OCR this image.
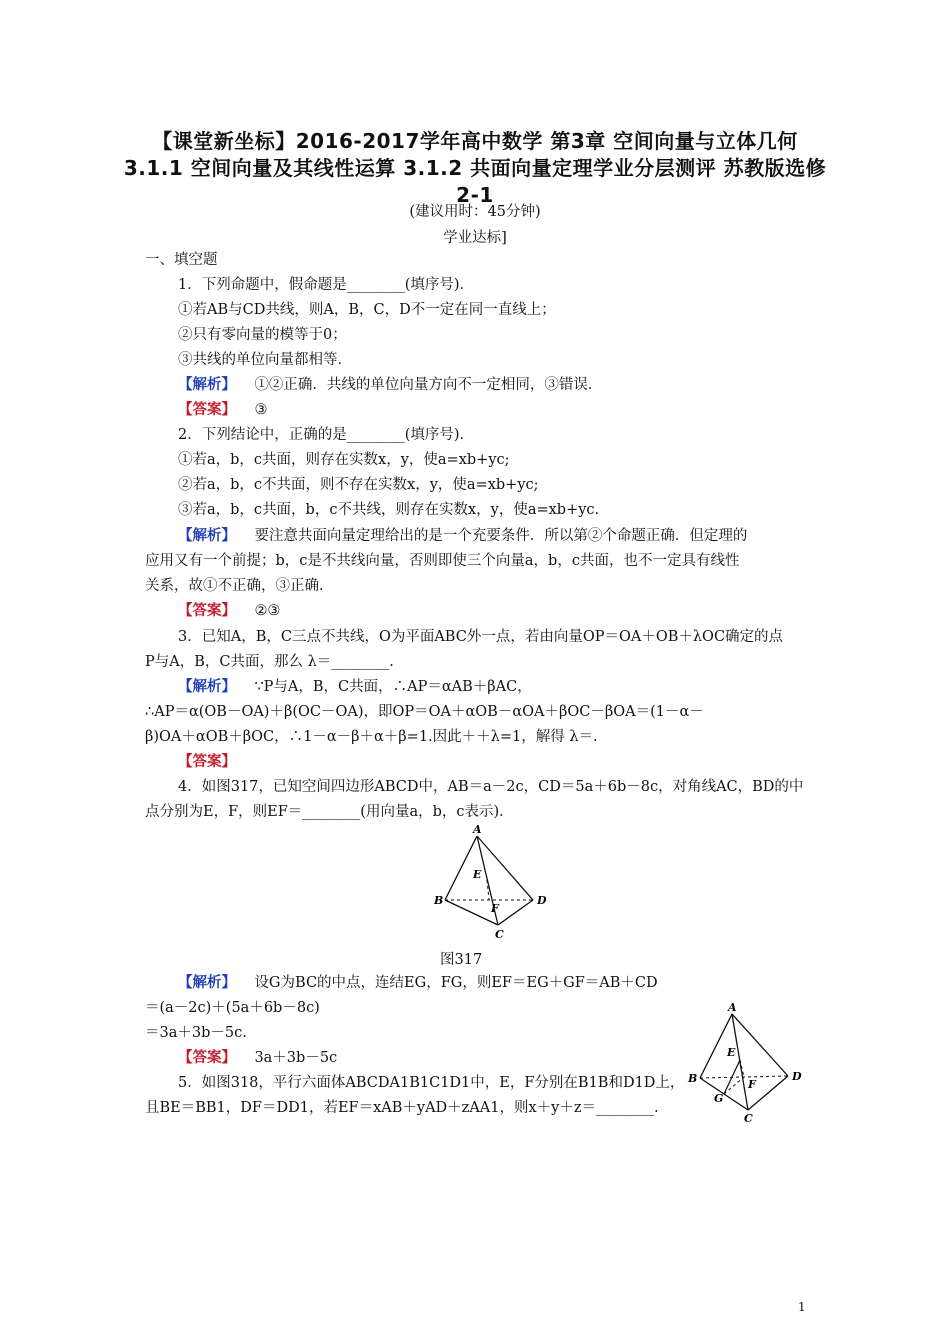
【课堂新坐标】2016-2017学年高中数学 第3章 空间向量与立体几何 3.1.1 空间向量及其线性运算 3.1.2 共面向量定理学业分层测评 苏教版选修2-1
(建议用时：45分钟)
学业达标]
一、填空题
1．下列命题中，假命题是________(填序号)．
①若AB与CD共线，则A，B，C，D不一定在同一直线上；
②只有零向量的模等于0；
③共线的单位向量都相等．
【解析】 ①②正确．共线的单位向量方向不一定相同，③错误．
【答案】 ③
2．下列结论中，正确的是________(填序号)．
①若a，b，c共面，则存在实数x，y，使a=xb+yc;
②若a，b，c不共面，则不存在实数x，y，使a=xb+yc;
③若a，b，c共面，b，c不共线，则存在实数x，y，使a=xb+yc.
【解析】 要注意共面向量定理给出的是一个充要条件．所以第②个命题正确．但定理的
应用又有一个前提；b，c是不共线向量，否则即使三个向量a，b，c共面，也不一定具有线性
关系，故①不正确，③正确．
【答案】 ②③
3．已知A，B，C三点不共线，O为平面ABC外一点，若由向量OP＝OA＋OB＋λOC确定的点
P与A，B，C共面，那么 λ＝________.
【解析】 ∵P与A，B，C共面，∴AP＝αAB＋βAC，
∴AP＝α(OB－OA)＋β(OC－OA)，即OP＝OA＋αOB－αOA＋βOC－βOA＝(1－α－
β)OA＋αOB＋βOC，∴1－α－β＋α＋β=1.因此＋＋λ=1，解得 λ＝.
【答案】
4．如图317，已知空间四边形ABCD中，AB＝a－2c，CD＝5a＋6b－8c，对角线AC，BD的中
点分别为E，F，则EF＝________(用向量a，b，c表示)．
A
B	D
C
E
F
图317
【解析】 设G为BC的中点，连结EG，FG，则EF＝EG＋GF＝AB＋CD
＝(a－2c)＋(5a＋6b－8c)
＝3a＋3b－5c.
【答案】 3a＋3b－5c
5．如图318，平行六面体ABCDA1B1C1D1中，E，F分别在B1B和D1D上，
且BE＝BB1，DF＝DD1，若EF＝xAB＋yAD＋zAA1，则x＋y＋z＝________.
A
B	D
C
E
F
G
1
